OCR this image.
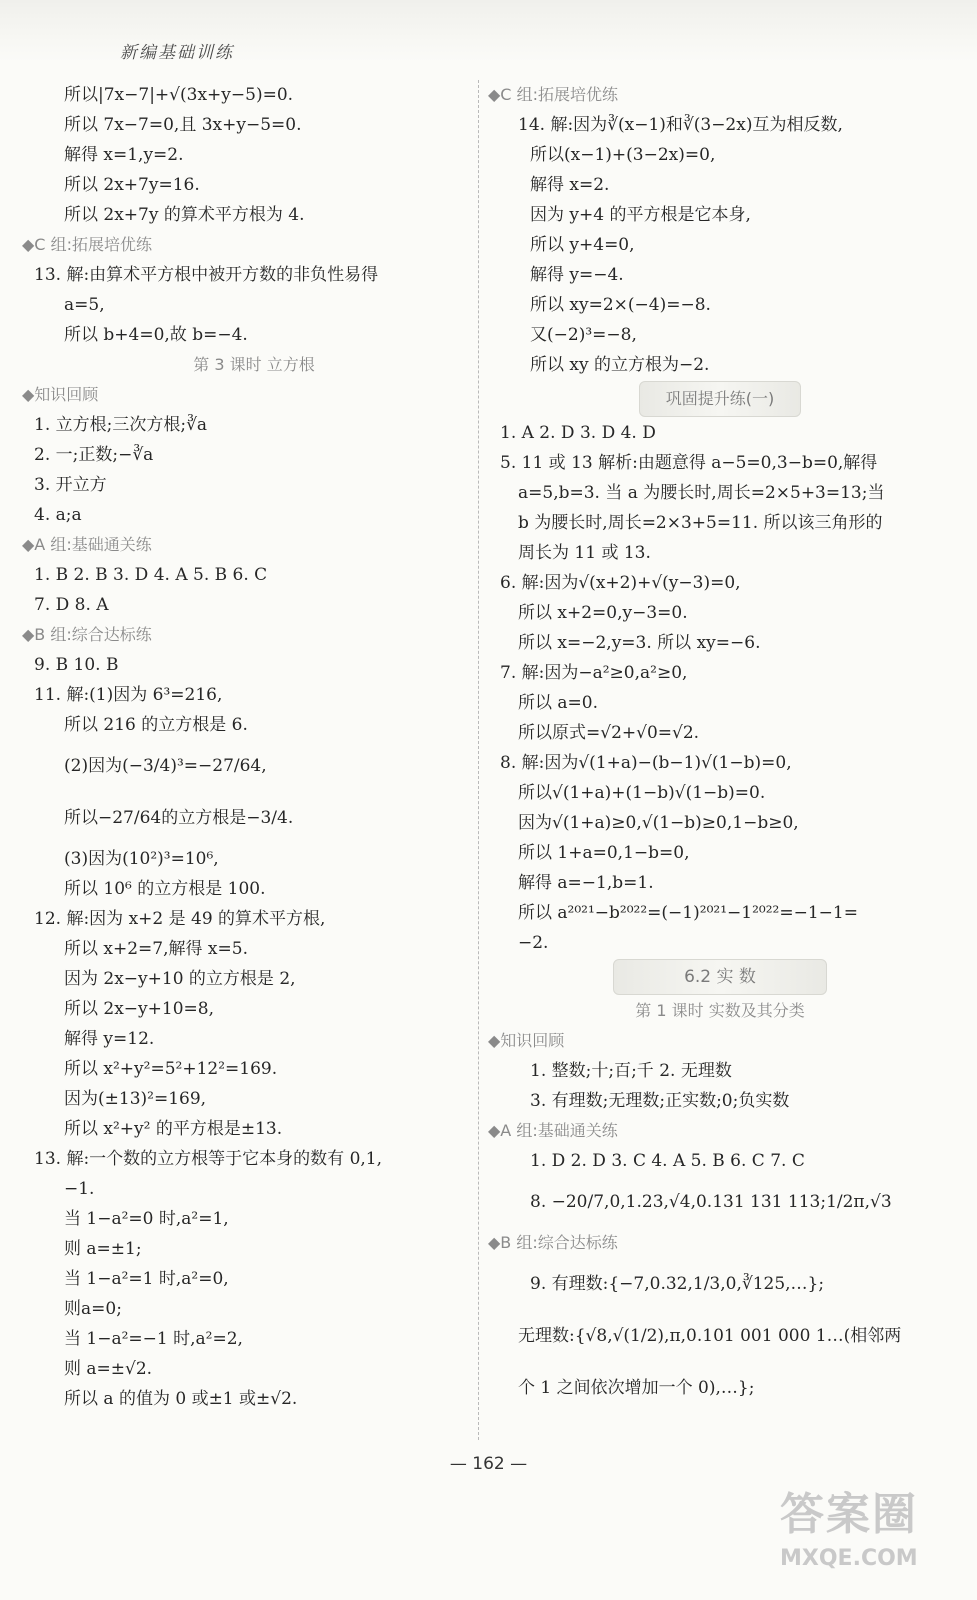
新编基础训练
所以|7x−7|+√(3x+y−5)=0.
所以 7x−7=0,且 3x+y−5=0.
解得 x=1,y=2.
所以 2x+7y=16.
所以 2x+7y 的算术平方根为 4.
◆C 组:拓展培优练
13. 解:由算术平方根中被开方数的非负性易得
a=5,
所以 b+4=0,故 b=−4.
第 3 课时 立方根
◆知识回顾
1. 立方根;三次方根;∛a
2. 一;正数;−∛a
3. 开立方
4. a;a
◆A 组:基础通关练
1. B 2. B 3. D 4. A 5. B 6. C
7. D 8. A
◆B 组:综合达标练
9. B 10. B
11. 解:(1)因为 6³=216,
所以 216 的立方根是 6.
(2)因为(−3/4)³=−27/64,
所以−27/64的立方根是−3/4.
(3)因为(10²)³=10⁶,
所以 10⁶ 的立方根是 100.
12. 解:因为 x+2 是 49 的算术平方根,
所以 x+2=7,解得 x=5.
因为 2x−y+10 的立方根是 2,
所以 2x−y+10=8,
解得 y=12.
所以 x²+y²=5²+12²=169.
因为(±13)²=169,
所以 x²+y² 的平方根是±13.
13. 解:一个数的立方根等于它本身的数有 0,1,
−1.
当 1−a²=0 时,a²=1,
则 a=±1;
当 1−a²=1 时,a²=0,
则a=0;
当 1−a²=−1 时,a²=2,
则 a=±√2.
所以 a 的值为 0 或±1 或±√2.
◆C 组:拓展培优练
14. 解:因为∛(x−1)和∛(3−2x)互为相反数,
所以(x−1)+(3−2x)=0,
解得 x=2.
因为 y+4 的平方根是它本身,
所以 y+4=0,
解得 y=−4.
所以 xy=2×(−4)=−8.
又(−2)³=−8,
所以 xy 的立方根为−2.
巩固提升练(一)
1. A 2. D 3. D 4. D
5. 11 或 13 解析:由题意得 a−5=0,3−b=0,解得
a=5,b=3. 当 a 为腰长时,周长=2×5+3=13;当
b 为腰长时,周长=2×3+5=11. 所以该三角形的
周长为 11 或 13.
6. 解:因为√(x+2)+√(y−3)=0,
所以 x+2=0,y−3=0.
所以 x=−2,y=3. 所以 xy=−6.
7. 解:因为−a²≥0,a²≥0,
所以 a=0.
所以原式=√2+√0=√2.
8. 解:因为√(1+a)−(b−1)√(1−b)=0,
所以√(1+a)+(1−b)√(1−b)=0.
因为√(1+a)≥0,√(1−b)≥0,1−b≥0,
所以 1+a=0,1−b=0,
解得 a=−1,b=1.
所以 a²⁰²¹−b²⁰²²=(−1)²⁰²¹−1²⁰²²=−1−1=
−2.
6.2 实 数
第 1 课时 实数及其分类
◆知识回顾
1. 整数;十;百;千 2. 无理数
3. 有理数;无理数;正实数;0;负实数
◆A 组:基础通关练
1. D 2. D 3. C 4. A 5. B 6. C 7. C
8. −20/7,0,1.23,√4,0.131 131 113;1/2π,√3
◆B 组:综合达标练
9. 有理数:{−7,0.32,1/3,0,∛125,…};
无理数:{√8,√(1/2),π,0.101 001 000 1…(相邻两
个 1 之间依次增加一个 0),…};
— 162 —
答案圈
MXQE.COM
